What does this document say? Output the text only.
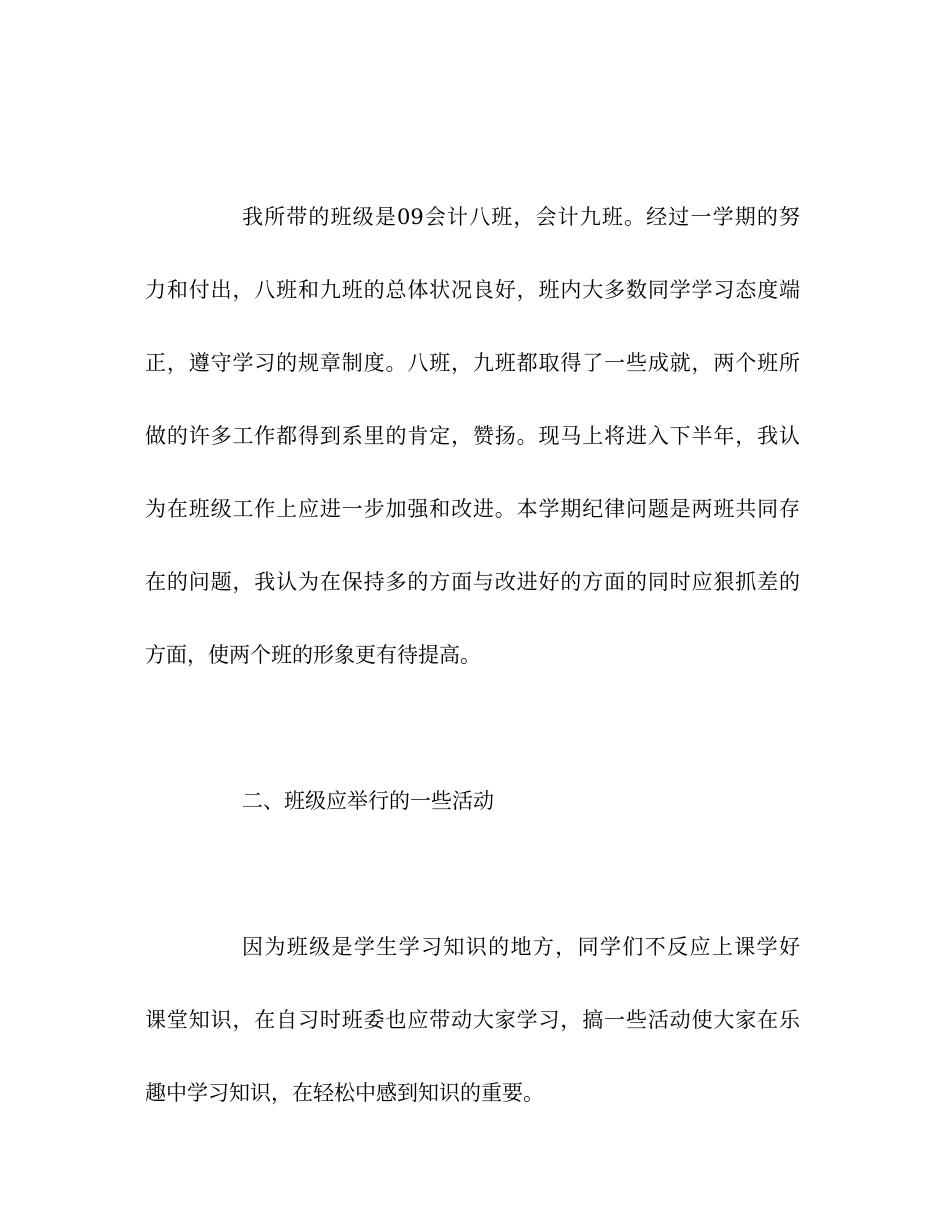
我所带的班级是09会计八班，会计九班。经过一学期的努
力和付出，八班和九班的总体状况良好，班内大多数同学学习态度端
正，遵守学习的规章制度。八班，九班都取得了一些成就，两个班所
做的许多工作都得到系里的肯定，赞扬。现马上将进入下半年，我认
为在班级工作上应进一步加强和改进。本学期纪律问题是两班共同存
在的问题，我认为在保持多的方面与改进好的方面的同时应狠抓差的
方面，使两个班的形象更有待提高。
二、班级应举行的一些活动
因为班级是学生学习知识的地方，同学们不反应上课学好
课堂知识，在自习时班委也应带动大家学习，搞一些活动使大家在乐
趣中学习知识，在轻松中感到知识的重要。
